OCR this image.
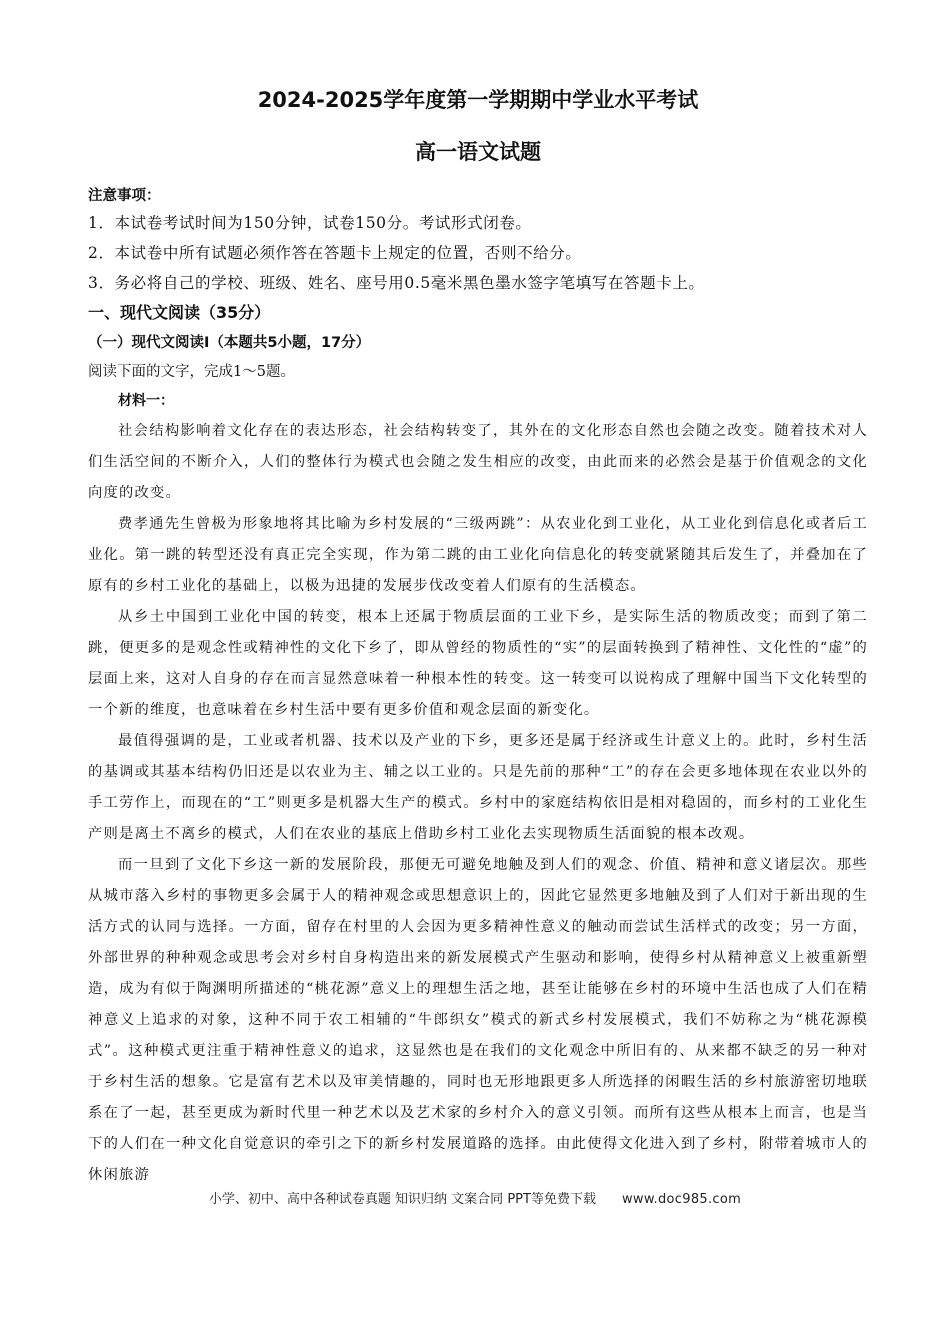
2024-2025学年度第一学期期中学业水平考试
高一语文试题
注意事项：
1．本试卷考试时间为150分钟，试卷150分。考试形式闭卷。
2．本试卷中所有试题必须作答在答题卡上规定的位置，否则不给分。
3．务必将自己的学校、班级、姓名、座号用0.5毫米黑色墨水签字笔填写在答题卡上。
一、现代文阅读（35分）
（一）现代文阅读Ⅰ（本题共5小题，17分）
阅读下面的文字，完成1～5题。
材料一：

社会结构影响着文化存在的表达形态，社会结构转变了，其外在的文化形态自然也会随之改变。随着技术对人们生活空间的不断介入，人们的整体行为模式也会随之发生相应的改变，由此而来的必然会是基于价值观念的文化向度的改变。

费孝通先生曾极为形象地将其比喻为乡村发展的“三级两跳”：从农业化到工业化，从工业化到信息化或者后工业化。第一跳的转型还没有真正完全实现，作为第二跳的由工业化向信息化的转变就紧随其后发生了，并叠加在了原有的乡村工业化的基础上，以极为迅捷的发展步伐改变着人们原有的生活模态。

从乡土中国到工业化中国的转变，根本上还属于物质层面的工业下乡，是实际生活的物质改变；而到了第二跳，便更多的是观念性或精神性的文化下乡了，即从曾经的物质性的“实”的层面转换到了精神性、文化性的“虚”的层面上来，这对人自身的存在而言显然意味着一种根本性的转变。这一转变可以说构成了理解中国当下文化转型的一个新的维度，也意味着在乡村生活中要有更多价值和观念层面的新变化。

最值得强调的是，工业或者机器、技术以及产业的下乡，更多还是属于经济或生计意义上的。此时，乡村生活的基调或其基本结构仍旧还是以农业为主、辅之以工业的。只是先前的那种“工”的存在会更多地体现在农业以外的手工劳作上，而现在的“工”则更多是机器大生产的模式。乡村中的家庭结构依旧是相对稳固的，而乡村的工业化生产则是离土不离乡的模式，人们在农业的基底上借助乡村工业化去实现物质生活面貌的根本改观。

而一旦到了文化下乡这一新的发展阶段，那便无可避免地触及到人们的观念、价值、精神和意义诸层次。那些从城市落入乡村的事物更多会属于人的精神观念或思想意识上的，因此它显然更多地触及到了人们对于新出现的生活方式的认同与选择。一方面，留存在村里的人会因为更多精神性意义的触动而尝试生活样式的改变；另一方面，外部世界的种种观念或思考会对乡村自身构造出来的新发展模式产生驱动和影响，使得乡村从精神意义上被重新塑造，成为有似于陶渊明所描述的“桃花源”意义上的理想生活之地，甚至让能够在乡村的环境中生活也成了人们在精神意义上追求的对象，这种不同于农工相辅的“牛郎织女”模式的新式乡村发展模式，我们不妨称之为“桃花源模式”。这种模式更注重于精神性意义的追求，这显然也是在我们的文化观念中所旧有的、从来都不缺乏的另一种对于乡村生活的想象。它是富有艺术以及审美情趣的，同时也无形地跟更多人所选择的闲暇生活的乡村旅游密切地联系在了一起，甚至更成为新时代里一种艺术以及艺术家的乡村介入的意义引领。而所有这些从根本上而言，也是当下的人们在一种文化自觉意识的牵引之下的新乡村发展道路的选择。由此使得文化进入到了乡村，附带着城市人的休闲旅游

小学、初中、高中各种试卷真题 知识归纳 文案合同 PPT等免费下载 www.doc985.com
